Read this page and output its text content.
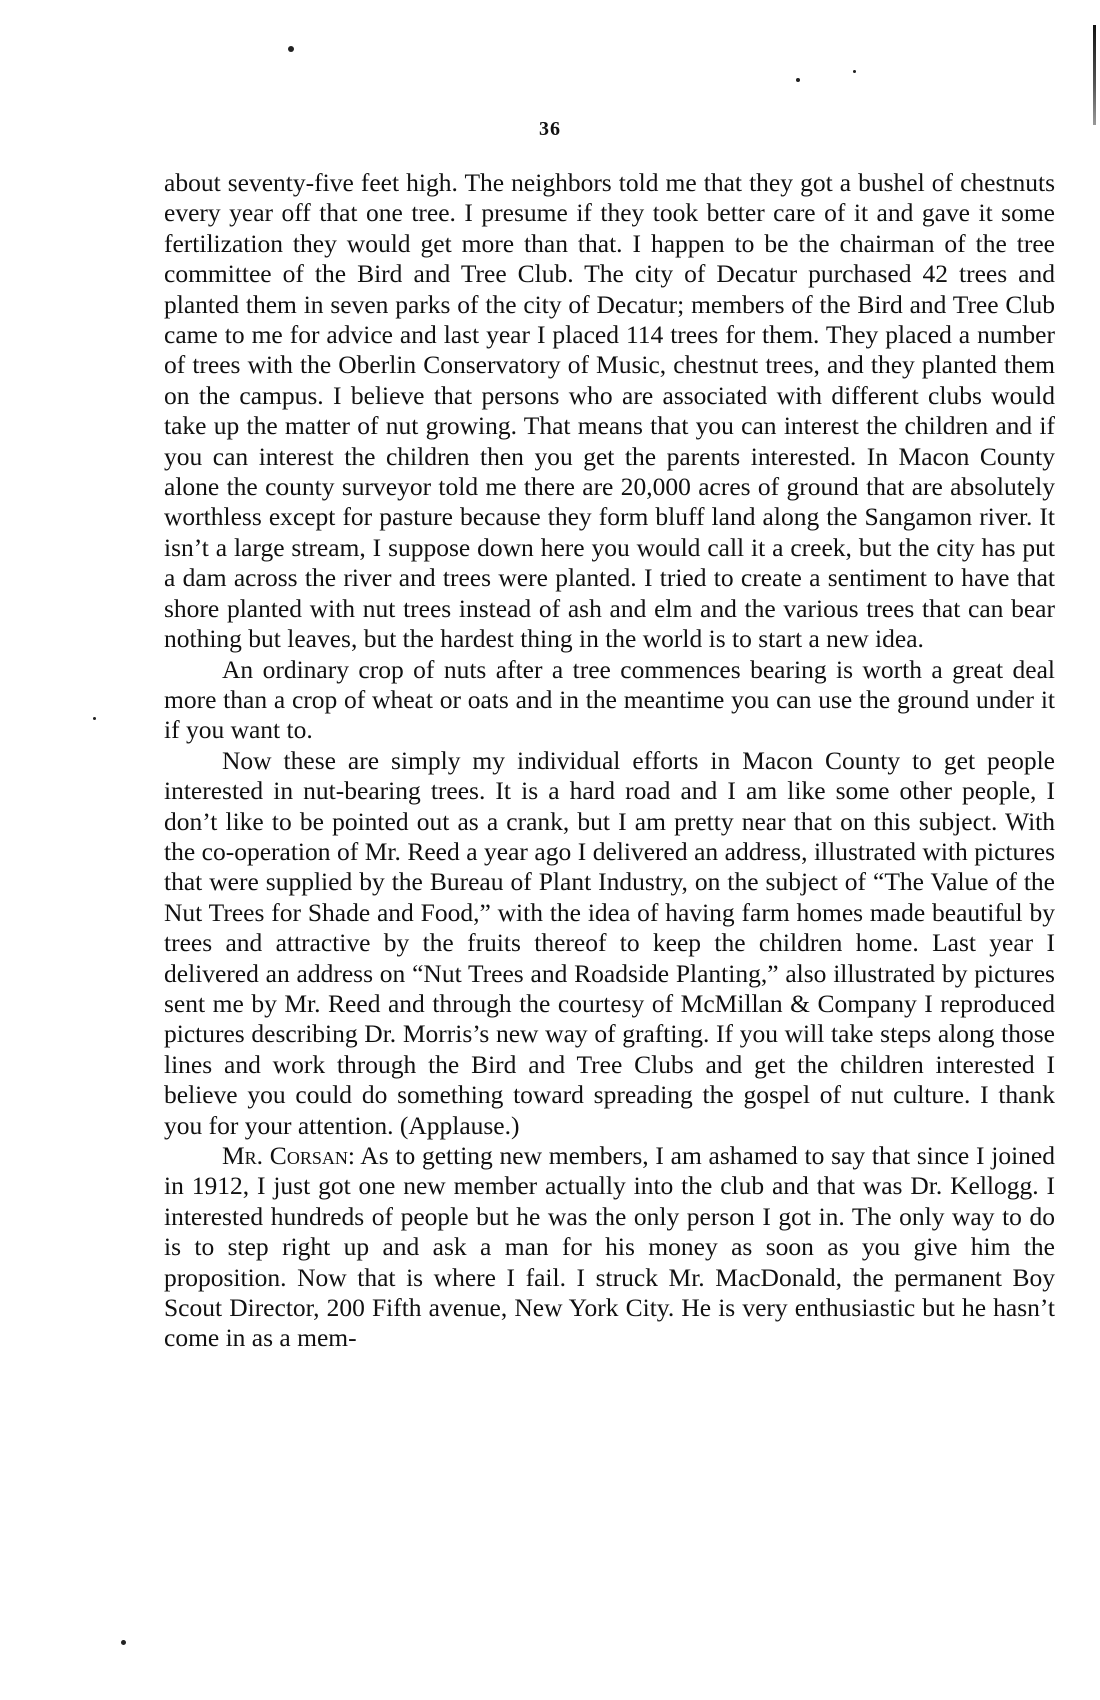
36

about seventy-five feet high. The neighbors told me that they got a bushel of chestnuts every year off that one tree. I presume if they took better care of it and gave it some fertilization they would get more than that. I happen to be the chairman of the tree committee of the Bird and Tree Club. The city of Decatur purchased 42 trees and planted them in seven parks of the city of Decatur; members of the Bird and Tree Club came to me for advice and last year I placed 114 trees for them. They placed a number of trees with the Oberlin Conservatory of Music, chestnut trees, and they planted them on the campus. I believe that persons who are associated with different clubs would take up the matter of nut growing. That means that you can interest the children and if you can interest the children then you get the parents interested. In Macon County alone the county surveyor told me there are 20,000 acres of ground that are absolutely worthless except for pasture because they form bluff land along the Sangamon river. It isn’t a large stream, I suppose down here you would call it a creek, but the city has put a dam across the river and trees were planted. I tried to create a sentiment to have that shore planted with nut trees instead of ash and elm and the various trees that can bear nothing but leaves, but the hardest thing in the world is to start a new idea.

An ordinary crop of nuts after a tree commences bearing is worth a great deal more than a crop of wheat or oats and in the meantime you can use the ground under it if you want to.

Now these are simply my individual efforts in Macon County to get people interested in nut-bearing trees. It is a hard road and I am like some other people, I don’t like to be pointed out as a crank, but I am pretty near that on this subject. With the co-operation of Mr. Reed a year ago I delivered an address, illustrated with pictures that were supplied by the Bureau of Plant Industry, on the subject of “The Value of the Nut Trees for Shade and Food,” with the idea of having farm homes made beautiful by trees and attractive by the fruits thereof to keep the children home. Last year I delivered an address on “Nut Trees and Roadside Planting,” also illustrated by pictures sent me by Mr. Reed and through the courtesy of McMillan & Company I reproduced pictures describing Dr. Morris’s new way of grafting. If you will take steps along those lines and work through the Bird and Tree Clubs and get the children interested I believe you could do something toward spreading the gospel of nut culture. I thank you for your attention. (Applause.)

Mr. Corsan: As to getting new members, I am ashamed to say that since I joined in 1912, I just got one new member actually into the club and that was Dr. Kellogg. I interested hundreds of people but he was the only person I got in. The only way to do is to step right up and ask a man for his money as soon as you give him the proposition. Now that is where I fail. I struck Mr. MacDonald, the permanent Boy Scout Director, 200 Fifth avenue, New York City. He is very enthusiastic but he hasn’t come in as a mem-
